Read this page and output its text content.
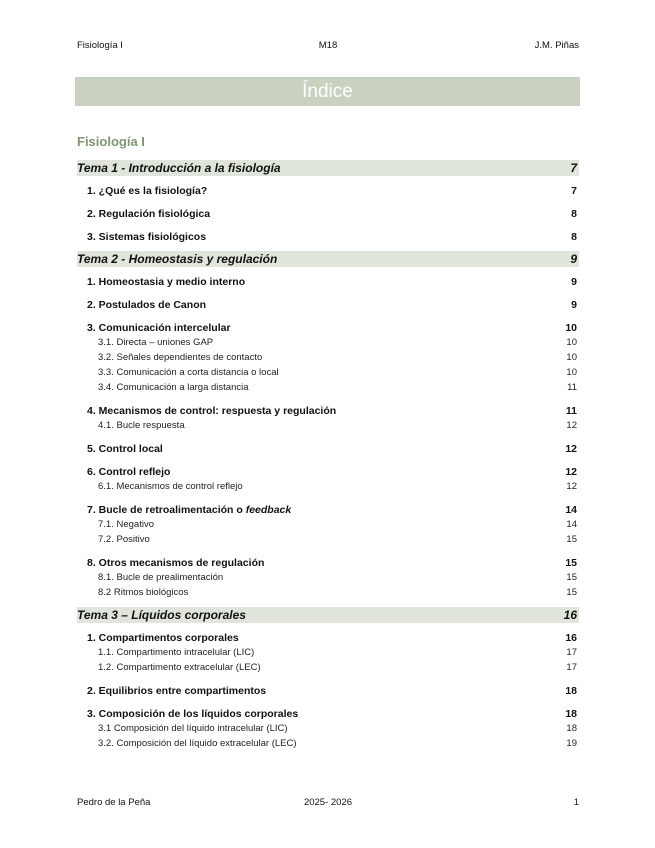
Fisiología I	M18	J.M. Piñas
Índice
Fisiología I
Tema 1 - Introducción a la fisiología	7
1. ¿Qué es la fisiología?	7
2. Regulación fisiológica	8
3. Sistemas fisiológicos	8
Tema 2 - Homeostasis y regulación	9
1. Homeostasia y medio interno	9
2. Postulados de Canon	9
3. Comunicación intercelular	10
3.1. Directa – uniones GAP	10
3.2. Señales dependientes de contacto	10
3.3. Comunicación a corta distancia o local	10
3.4. Comunicación a larga distancia	11
4. Mecanismos de control: respuesta y regulación	11
4.1. Bucle respuesta	12
5. Control local	12
6. Control reflejo	12
6.1. Mecanismos de control reflejo	12
7. Bucle de retroalimentación o feedback	14
7.1. Negativo	14
7.2. Positivo	15
8. Otros mecanismos de regulación	15
8.1. Bucle de prealimentación	15
8.2 Ritmos biológicos	15
Tema 3 – Líquidos corporales	16
1. Compartimentos corporales	16
1.1. Compartimento intracelular (LIC)	17
1.2. Compartimento extracelular (LEC)	17
2. Equilibrios entre compartimentos	18
3. Composición de los líquidos corporales	18
3.1 Composición del líquido intracelular (LIC)	18
3.2. Composición del líquido extracelular (LEC)	19
Pedro de la Peña	2025- 2026	1
